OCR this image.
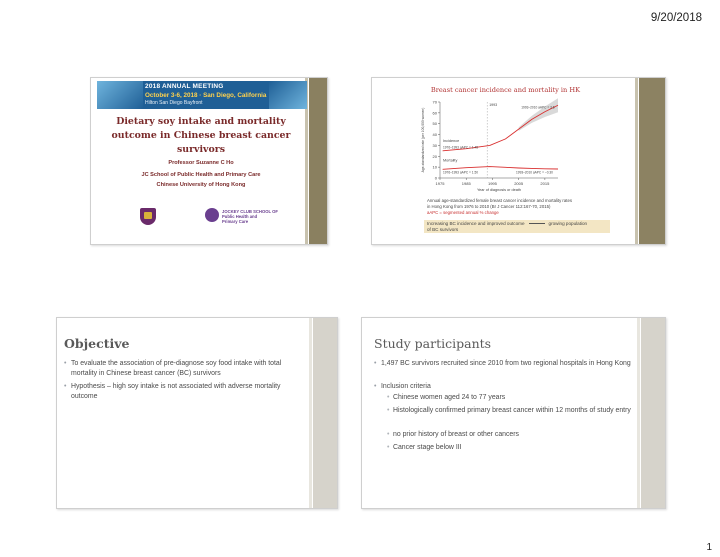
9/20/2018
2018 ANNUAL MEETING
October 3-6, 2018 · San Diego, California
Hilton San Diego Bayfront
Dietary soy intake and mortality
outcome in Chinese breast cancer
survivors
Professor Suzanne C Ho
JC School of Public Health and Primary Care
Chinese University of Hong Kong
JOCKEY CLUB SCHOOL OF
Public Health and
Primary Care
Breast cancer incidence and mortality in HK
0
10
20
30
40
50
60
70
1975	1985	1995	2005	2015
Year of diagnosis or death
Age-standardized rate (per 100,000 women)
1993
1993–2010 aAPC = 3.6
Incidence
1976–1993 aAPC = 1.45
Mortality
1976–1993 aAPC = 1.50	1993–2010 aAPC = −0.30
Annual age-standardized female breast cancer incidence and mortality rates
in Hong Kong from 1976 to 2010 (Br J Cancer 112:167-70, 2015)
aAPC = segmented annual % change
Increasing BC incidence and improved outcome	growing population
of BC survivors
Objective
• To evaluate the association of pre-diagnose soy food intake with total mortality in Chinese breast cancer (BC) survivors
• Hypothesis – high soy intake is not associated with adverse mortality outcome
Study participants
• 1,497 BC survivors recruited since 2010 from two regional hospitals in Hong Kong
• Inclusion criteria
• Chinese women aged 24 to 77 years
• Histologically confirmed primary breast cancer within 12 months of study entry
• no prior history of breast or other cancers
• Cancer stage below III
1
